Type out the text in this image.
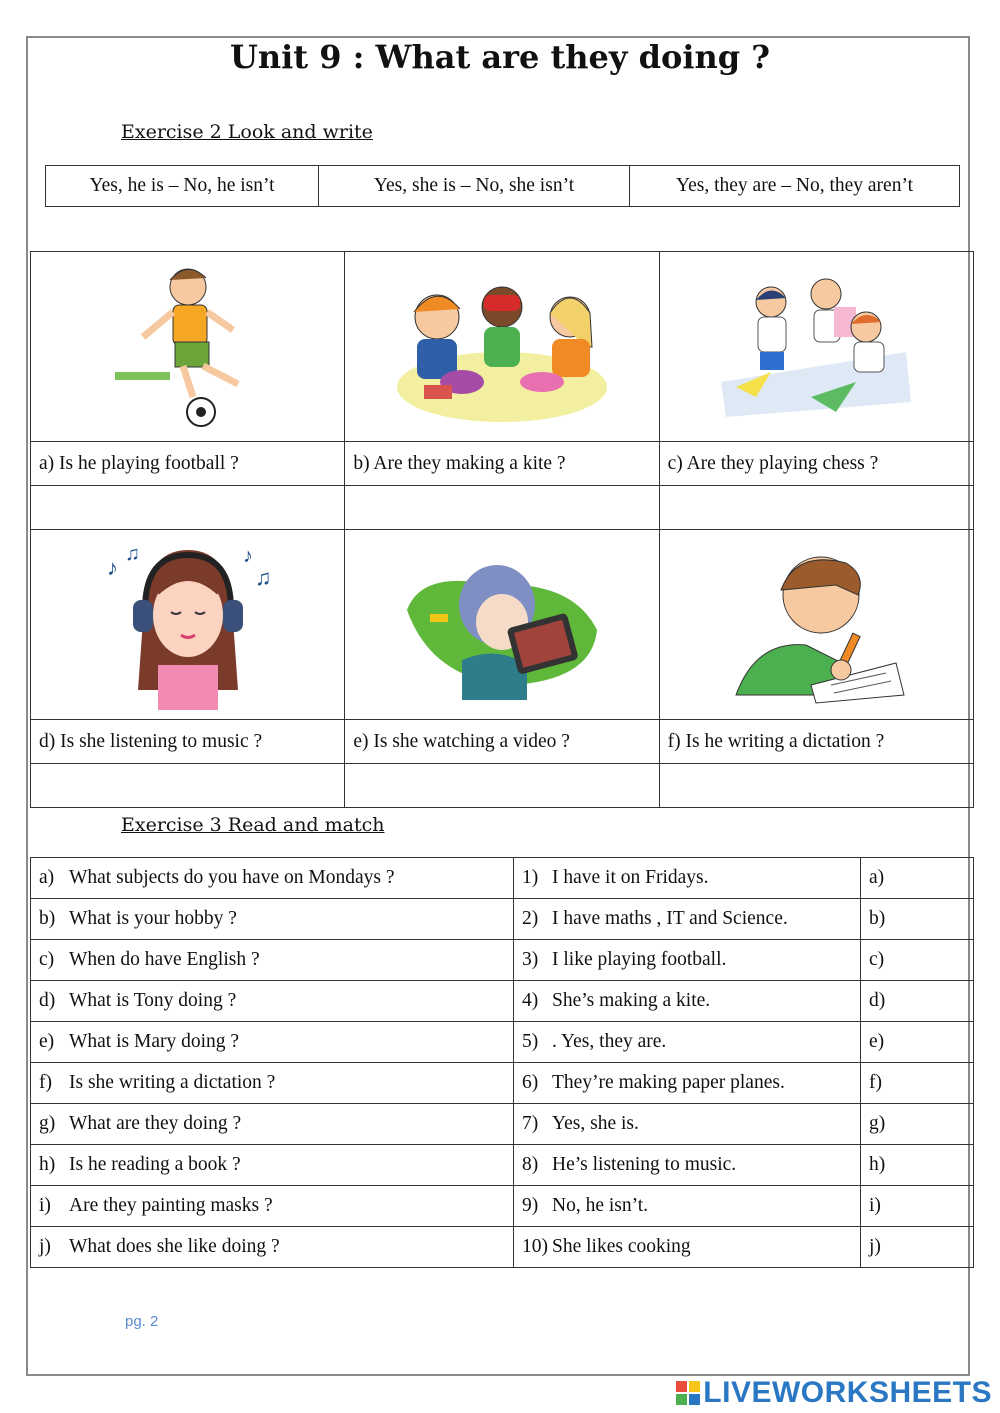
Unit 9 : What are they doing ?
Exercise 2 Look and write
Yes, he is – No, he isn’t	Yes, she is – No, she isn’t	Yes, they are – No, they aren’t

a) Is he playing football ?	b) Are they making a kite ?	c) Are they playing chess ?

♪
♫ ♪
♫

d) Is she listening to music ?	e) Is she watching a video ?	f) Is he writing a dictation ?

Exercise 3 Read and match
a) What subjects do you have on Mondays ?	1) I have it on Fridays.	a)
b) What is your hobby ?	2) I have maths , IT and Science.	b)
c) When do have English ?	3) I like playing football.	c)
d) What is Tony doing ?	4) She’s making a kite.	d)
e) What is Mary doing ?	5) . Yes, they are.	e)
f) Is she writing a dictation ?	6) They’re making paper planes.	f)
g) What are they doing ?	7) Yes, she is.	g)
h) Is he reading a book ?	8) He’s listening to music.	h)
i) Are they painting masks ?	9) No, he isn’t.	i)
j) What does she like doing ?	10) She likes cooking	j)
pg. 2
LIVEWORKSHEETS
